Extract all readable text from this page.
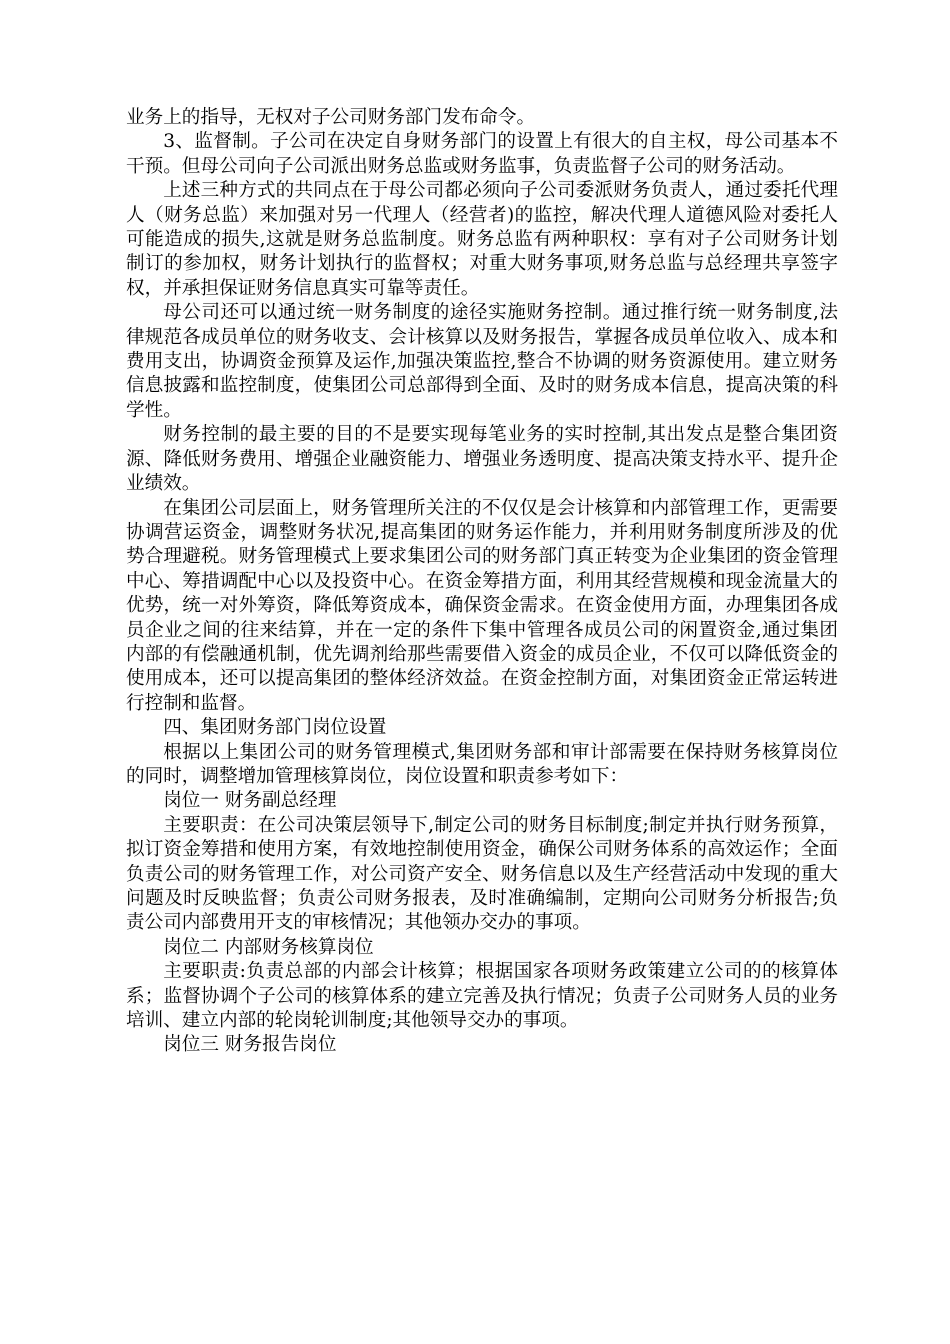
业务上的指导，无权对子公司财务部门发布命令。

3、监督制。子公司在决定自身财务部门的设置上有很大的自主权，母公司基本不干预。但母公司向子公司派出财务总监或财务监事，负责监督子公司的财务活动。

上述三种方式的共同点在于母公司都必须向子公司委派财务负责人，通过委托代理人（财务总监）来加强对另一代理人（经营者)的监控，解决代理人道德风险对委托人可能造成的损失,这就是财务总监制度。财务总监有两种职权：享有对子公司财务计划制订的参加权，财务计划执行的监督权；对重大财务事项,财务总监与总经理共享签字权，并承担保证财务信息真实可靠等责任。

母公司还可以通过统一财务制度的途径实施财务控制。通过推行统一财务制度,法律规范各成员单位的财务收支、会计核算以及财务报告，掌握各成员单位收入、成本和费用支出，协调资金预算及运作,加强决策监控,整合不协调的财务资源使用。建立财务信息披露和监控制度，使集团公司总部得到全面、及时的财务成本信息，提高决策的科学性。

财务控制的最主要的目的不是要实现每笔业务的实时控制,其出发点是整合集团资源、降低财务费用、增强企业融资能力、增强业务透明度、提高决策支持水平、提升企业绩效。

在集团公司层面上，财务管理所关注的不仅仅是会计核算和内部管理工作，更需要协调营运资金，调整财务状况,提高集团的财务运作能力，并利用财务制度所涉及的优势合理避税。财务管理模式上要求集团公司的财务部门真正转变为企业集团的资金管理中心、筹措调配中心以及投资中心。在资金筹措方面，利用其经营规模和现金流量大的优势，统一对外筹资，降低筹资成本，确保资金需求。在资金使用方面，办理集团各成员企业之间的往来结算，并在一定的条件下集中管理各成员公司的闲置资金,通过集团内部的有偿融通机制，优先调剂给那些需要借入资金的成员企业，不仅可以降低资金的使用成本，还可以提高集团的整体经济效益。在资金控制方面，对集团资金正常运转进行控制和监督。

四、集团财务部门岗位设置

根据以上集团公司的财务管理模式,集团财务部和审计部需要在保持财务核算岗位的同时，调整增加管理核算岗位，岗位设置和职责参考如下：

岗位一 财务副总经理

主要职责：在公司决策层领导下,制定公司的财务目标制度;制定并执行财务预算，拟订资金筹措和使用方案，有效地控制使用资金，确保公司财务体系的高效运作；全面负责公司的财务管理工作，对公司资产安全、财务信息以及生产经营活动中发现的重大问题及时反映监督；负责公司财务报表，及时准确编制，定期向公司财务分析报告;负责公司内部费用开支的审核情况；其他领办交办的事项。

岗位二 内部财务核算岗位

主要职责:负责总部的内部会计核算；根据国家各项财务政策建立公司的的核算体系；监督协调个子公司的核算体系的建立完善及执行情况；负责子公司财务人员的业务培训、建立内部的轮岗轮训制度;其他领导交办的事项。

岗位三 财务报告岗位
